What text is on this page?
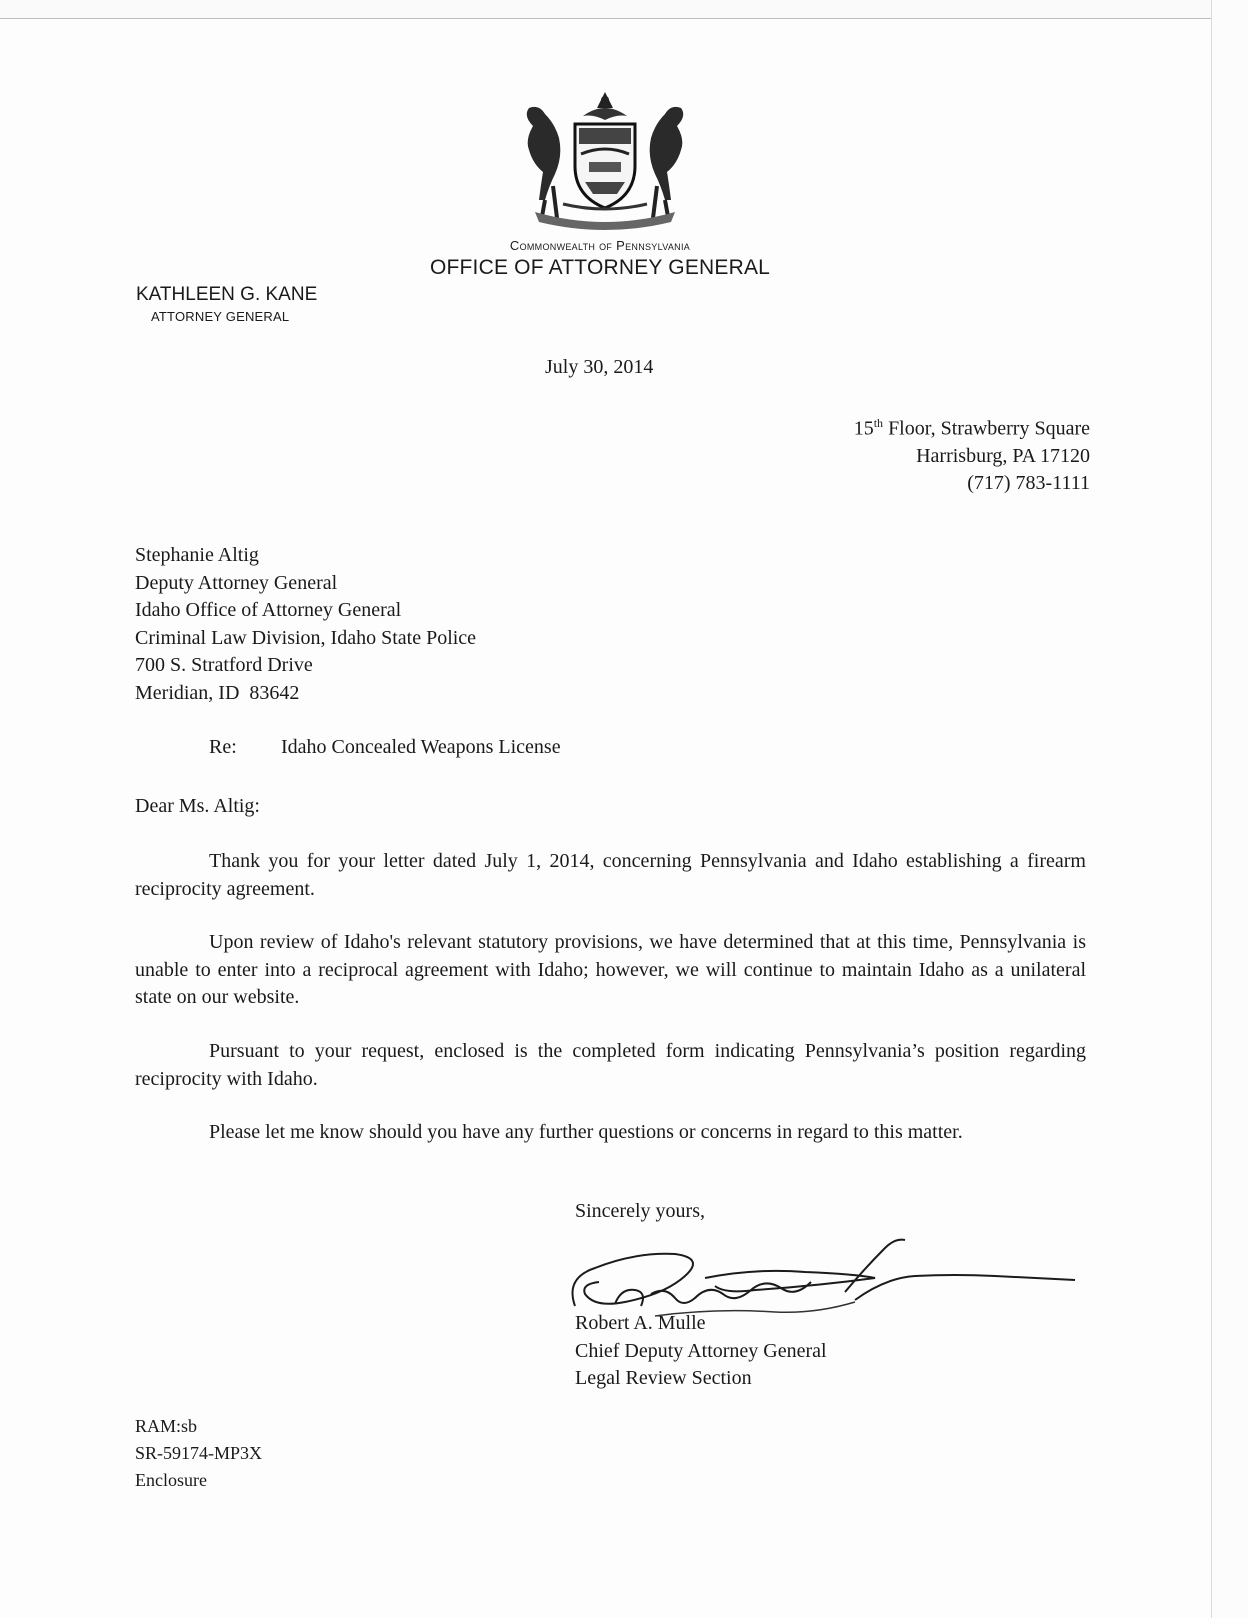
Commonwealth of Pennsylvania
OFFICE OF ATTORNEY GENERAL
KATHLEEN G. KANE
ATTORNEY GENERAL
July 30, 2014
15th Floor, Strawberry Square
Harrisburg, PA 17120
(717) 783-1111
Stephanie Altig
Deputy Attorney General
Idaho Office of Attorney General
Criminal Law Division, Idaho State Police
700 S. Stratford Drive
Meridian, ID  83642
Re: Idaho Concealed Weapons License
Dear Ms. Altig:
Thank you for your letter dated July 1, 2014, concerning Pennsylvania and Idaho establishing a firearm reciprocity agreement.
Upon review of Idaho's relevant statutory provisions, we have determined that at this time, Pennsylvania is unable to enter into a reciprocal agreement with Idaho; however, we will continue to maintain Idaho as a unilateral state on our website.
Pursuant to your request, enclosed is the completed form indicating Pennsylvania’s position regarding reciprocity with Idaho.
Please let me know should you have any further questions or concerns in regard to this matter.
Sincerely yours,
Robert A. Mulle
Chief Deputy Attorney General
Legal Review Section
RAM:sb
SR-59174-MP3X
Enclosure
